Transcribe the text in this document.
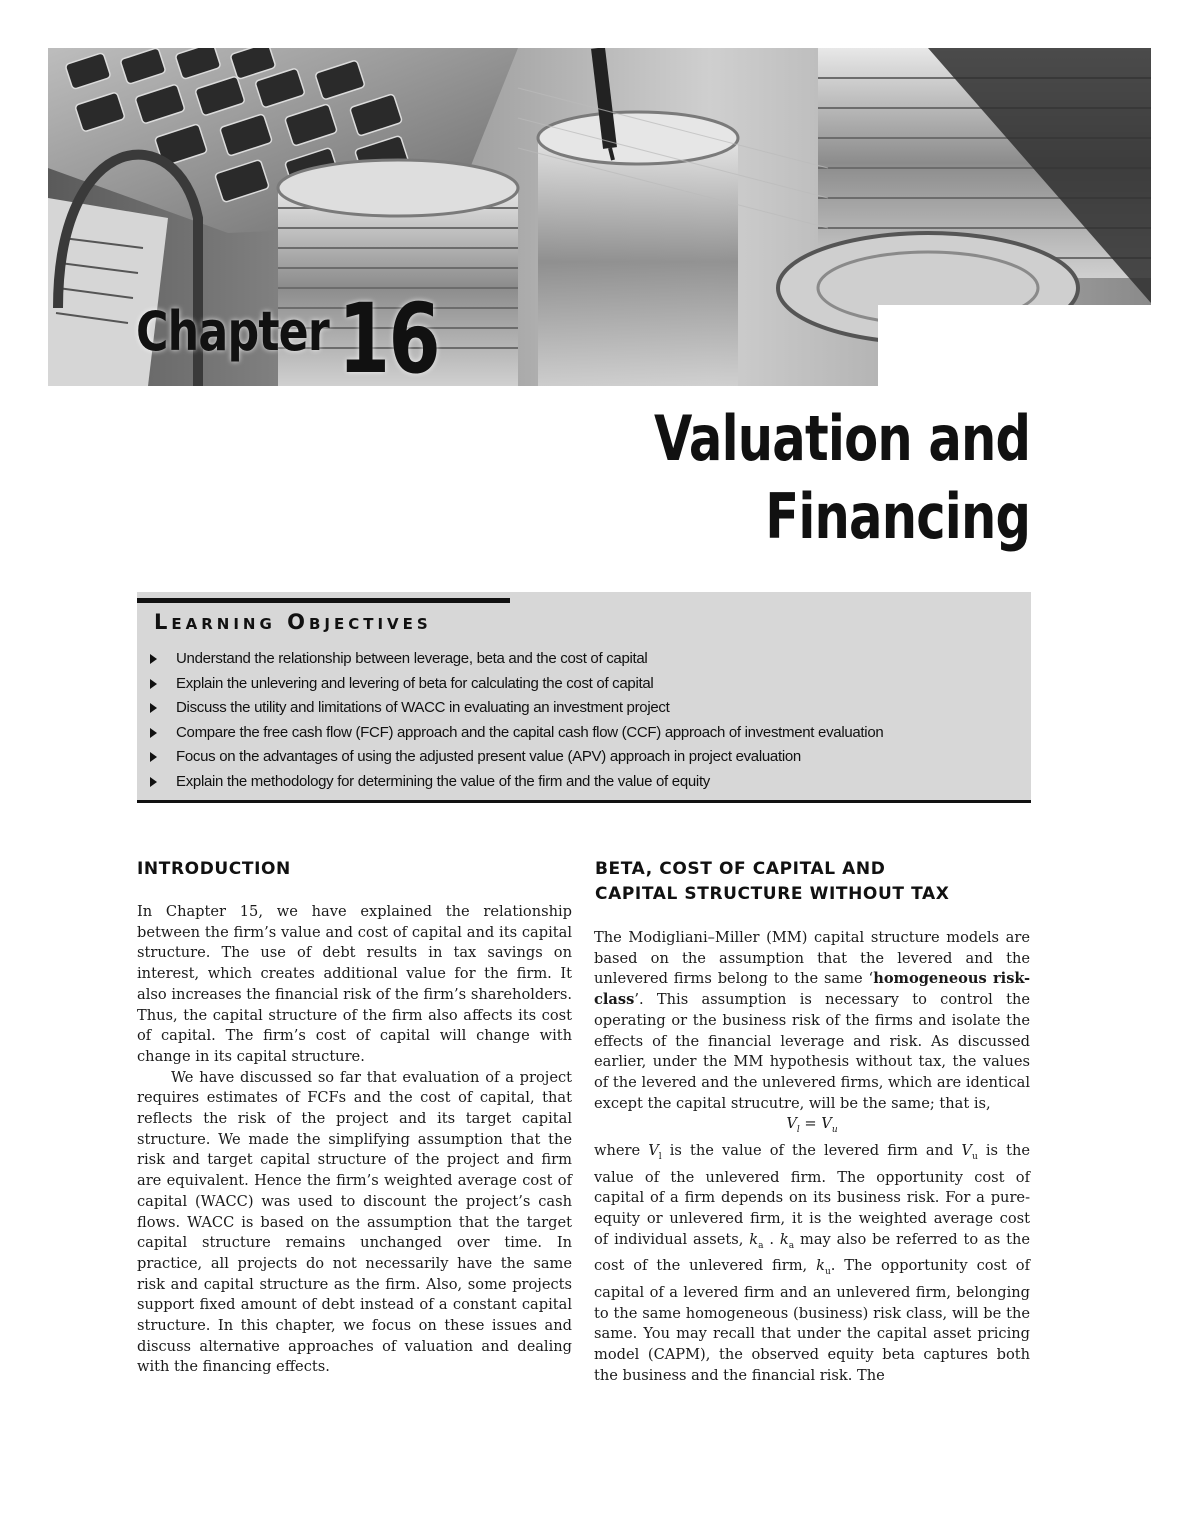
Chapter 16
Valuation and
Financing
Learning Objectives
Understand the relationship between leverage, beta and the cost of capital
Explain the unlevering and levering of beta for calculating the cost of capital
Discuss the utility and limitations of WACC in evaluating an investment project
Compare the free cash flow (FCF) approach and the capital cash flow (CCF) approach of investment evaluation
Focus on the advantages of using the adjusted present value (APV) approach in project evaluation
Explain the methodology for determining the value of the firm and the value of equity
INTRODUCTION

In Chapter 15, we have explained the relationship between the firm’s value and cost of capital and its capital structure. The use of debt results in tax savings on interest, which creates additional value for the firm. It also increases the financial risk of the firm’s shareholders. Thus, the capital structure of the firm also affects its cost of capital. The firm’s cost of capital will change with change in its capital structure.

We have discussed so far that evaluation of a project requires estimates of FCFs and the cost of capital, that reflects the risk of the project and its target capital structure. We made the simplifying assumption that the risk and target capital structure of the project and firm are equivalent. Hence the firm’s weighted average cost of capital (WACC) was used to discount the project’s cash flows. WACC is based on the assumption that the target capital structure remains unchanged over time. In practice, all projects do not necessarily have the same risk and capital structure as the firm. Also, some projects support fixed amount of debt instead of a constant capital structure. In this chapter, we focus on these issues and discuss alternative approaches of valuation and dealing with the financing effects.

BETA, COST OF CAPITAL AND
CAPITAL STRUCTURE WITHOUT TAX

The Modigliani–Miller (MM) capital structure models are based on the assumption that the levered and the unlevered firms belong to the same ‘homogeneous risk-class’. This assumption is necessary to control the operating or the business risk of the firms and isolate the effects of the financial leverage and risk. As discussed earlier, under the MM hypothesis without tax, the values of the levered and the unlevered firms, which are identical except the capital strucutre, will be the same; that is,

$V_l = V_u$

where $V_l$ is the value of the levered firm and $V_u$ is the value of the unlevered firm. The opportunity cost of capital of a firm depends on its business risk. For a pure-equity or unlevered firm, it is the weighted average cost of individual assets, $k_a$ . $k_a$ may also be referred to as the cost of the unlevered firm, $k_u$. The opportunity cost of capital of a levered firm and an unlevered firm, belonging to the same homogeneous (business) risk class, will be the same. You may recall that under the capital asset pricing model (CAPM), the observed equity beta captures both the business and the financial risk. The
